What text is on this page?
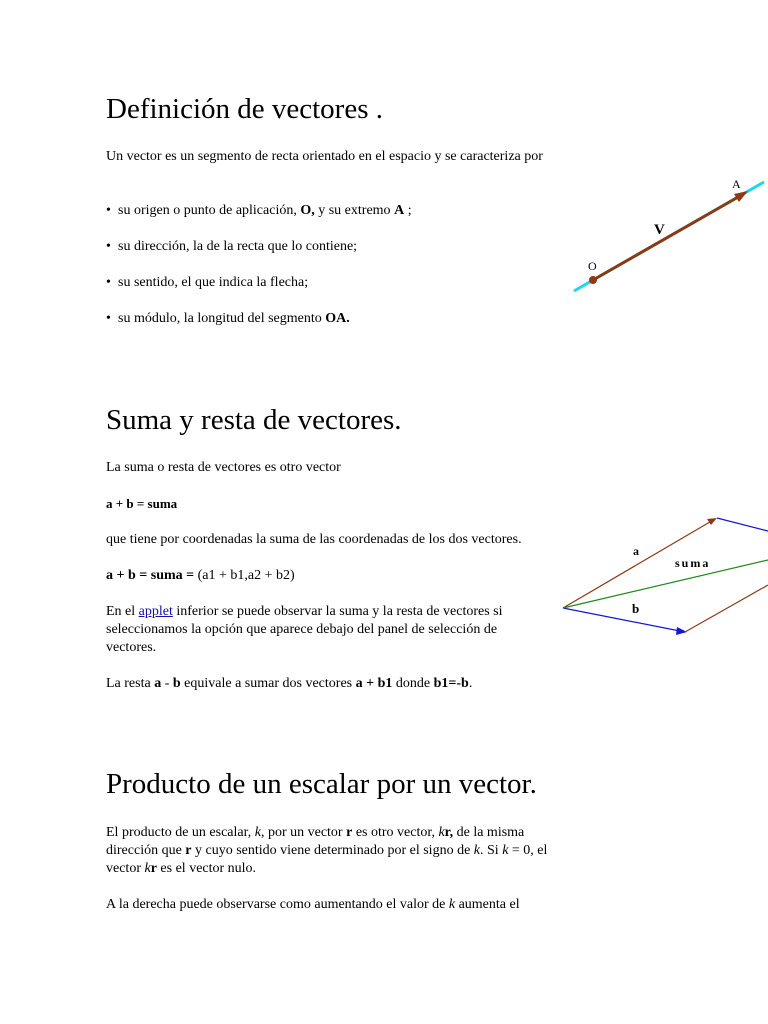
Definición de vectores .
Un vector es un segmento de recta orientado en el espacio y se caracteriza por
• su origen o punto de aplicación, O, y su extremo A ;
• su dirección, la de la recta que lo contiene;
• su sentido, el que indica la flecha;
• su módulo, la longitud del segmento OA.
O
A
V
Suma y resta de vectores.
La suma o resta de vectores es otro vector
a + b = suma
que tiene por coordenadas la suma de las coordenadas de los dos vectores.
a + b = suma = (a1 + b1,a2 + b2)
En el applet inferior se puede observar la suma y la resta de vectores si seleccionamos la opción que aparece debajo del panel de selección de vectores.
La resta a - b equivale a sumar dos vectores a + b1 donde b1=-b.
a
b
suma
Producto de un escalar por un vector.
El producto de un escalar, k, por un vector r es otro vector, kr, de la misma dirección que r y cuyo sentido viene determinado por el signo de k. Si k = 0, el vector kr es el vector nulo.
A la derecha puede observarse como aumentando el valor de k aumenta el
